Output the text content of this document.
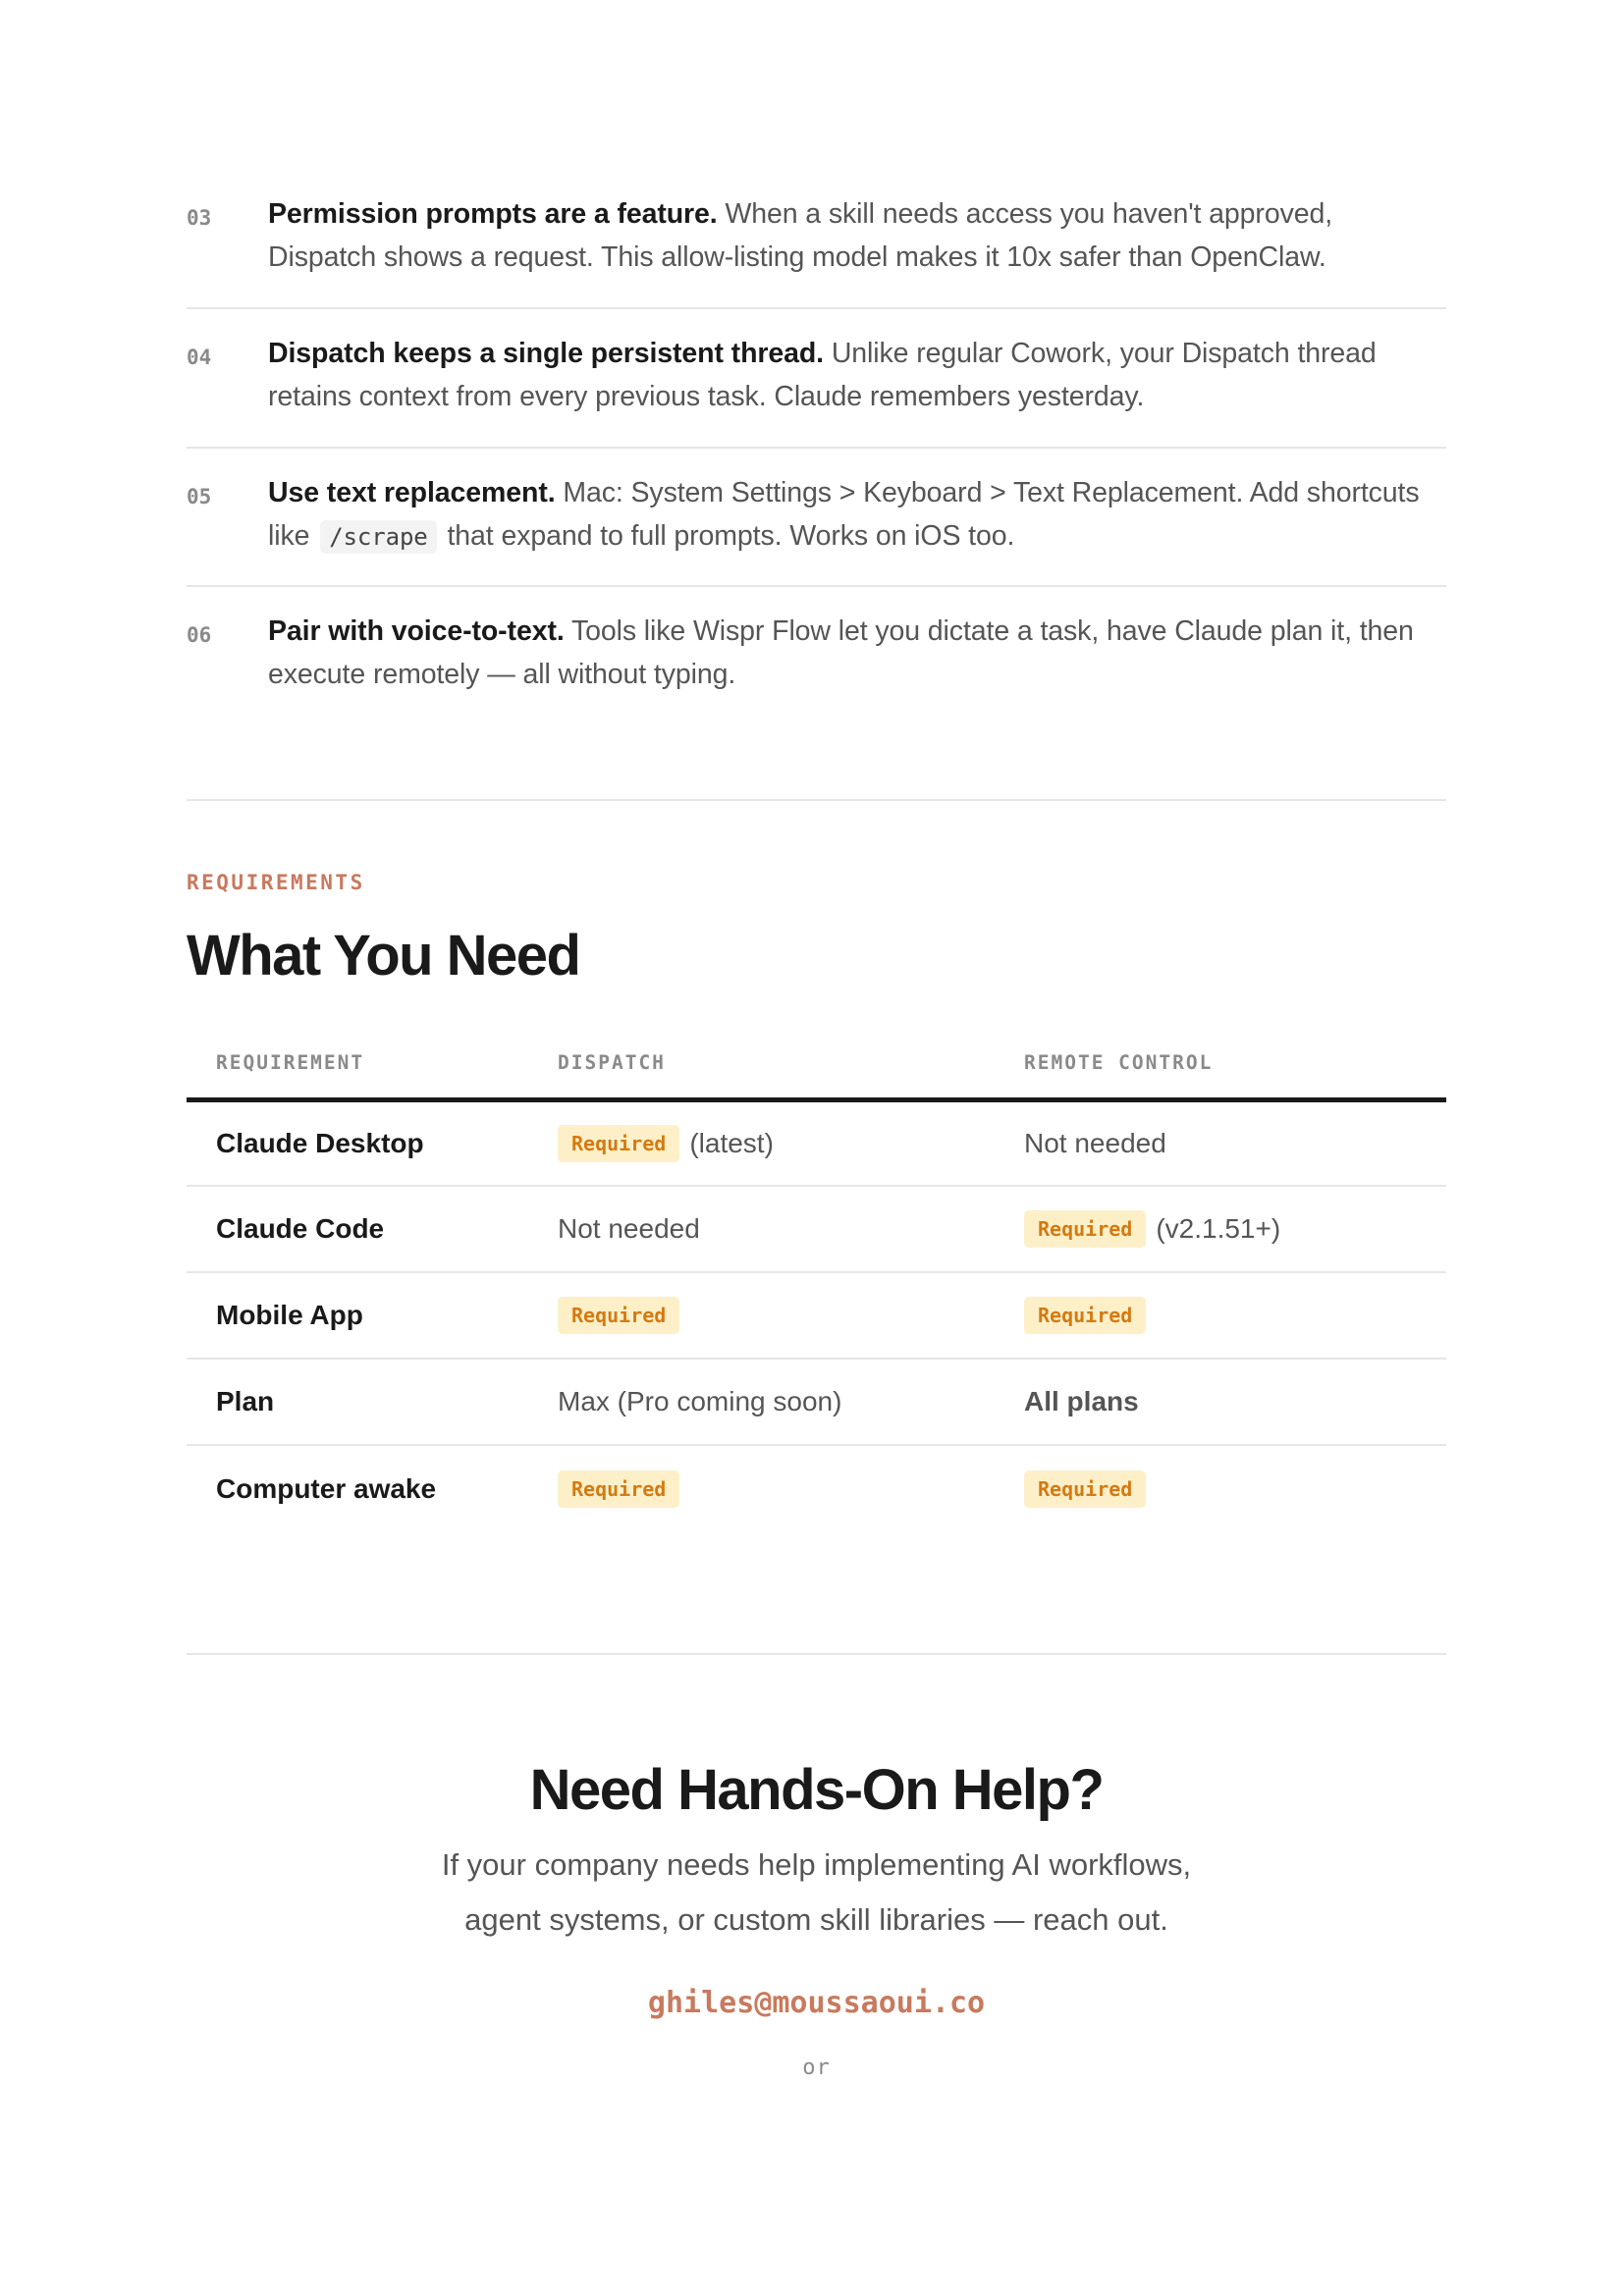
03	Permission prompts are a feature. When a skill needs access you haven't approved, Dispatch shows a request. This allow-listing model makes it 10x safer than OpenClaw.
04	Dispatch keeps a single persistent thread. Unlike regular Cowork, your Dispatch thread retains context from every previous task. Claude remembers yesterday.
05	Use text replacement. Mac: System Settings > Keyboard > Text Replacement. Add shortcuts like /scrape that expand to full prompts. Works on iOS too.
06	Pair with voice-to-text. Tools like Wispr Flow let you dictate a task, have Claude plan it, then execute remotely — all without typing.
REQUIREMENTS
What You Need
REQUIREMENT	DISPATCH	REMOTE CONTROL
Claude Desktop	Required (latest)	Not needed
Claude Code	Not needed	Required (v2.1.51+)
Mobile App	Required	Required
Plan	Max (Pro coming soon)	All plans
Computer awake	Required	Required
Need Hands-On Help?
If your company needs help implementing AI workflows,
agent systems, or custom skill libraries — reach out.
ghiles@moussaoui.co
or
